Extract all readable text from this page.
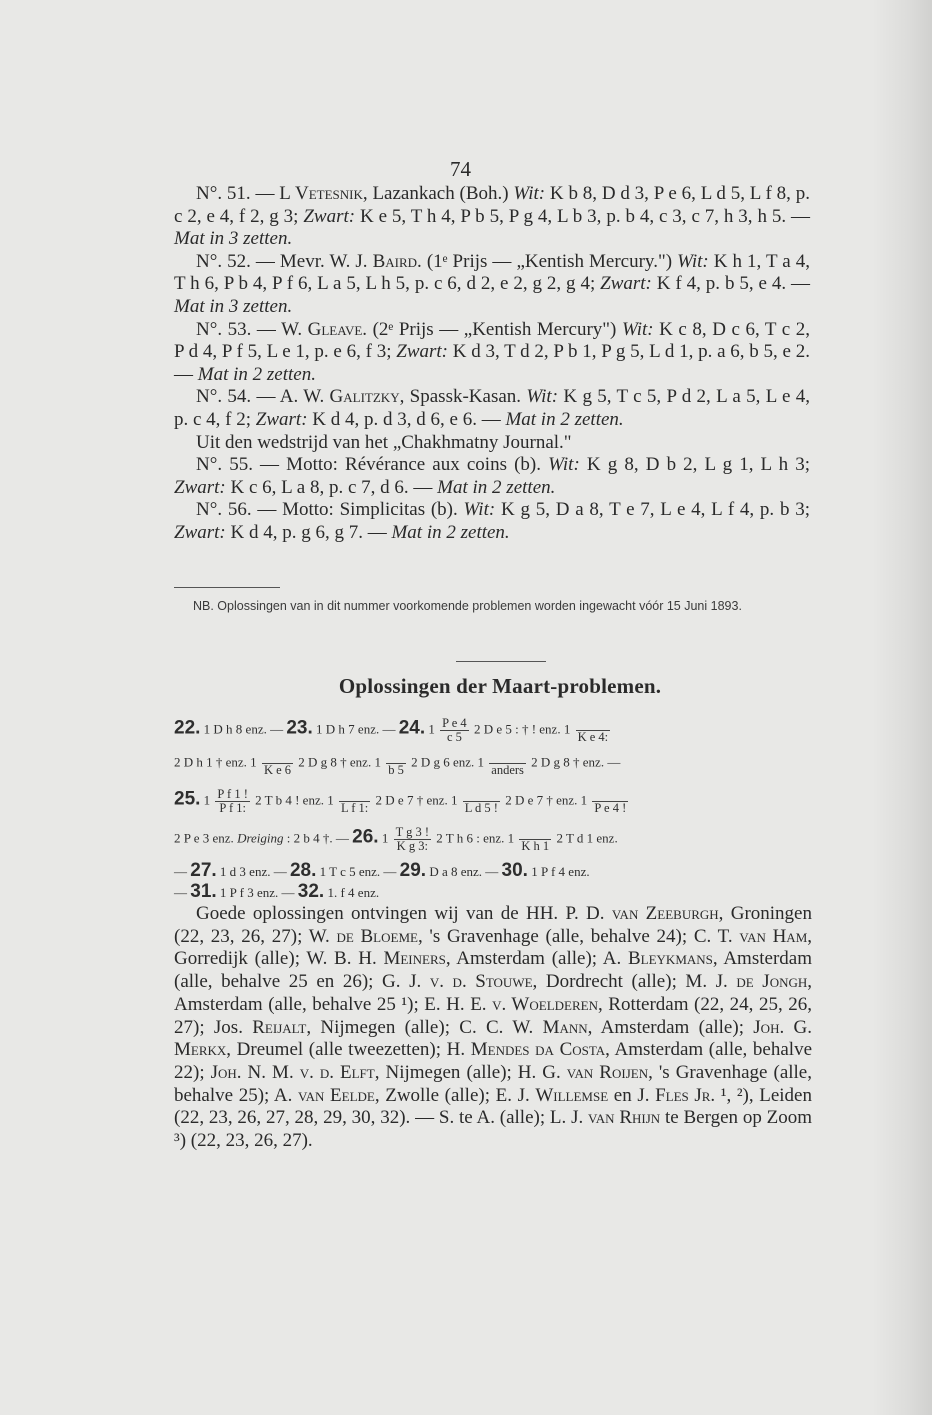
74

N°. 51. — L Vetesnik, Lazankach (Boh.) Wit: K b 8, D d 3, P e 6, L d 5, L f 8, p. c 2, e 4, f 2, g 3; Zwart: K e 5, T h 4, P b 5, P g 4, L b 3, p. b 4, c 3, c 7, h 3, h 5. — Mat in 3 zetten.

N°. 52. — Mevr. W. J. Baird. (1ᵉ Prijs — „Kentish Mercury.") Wit: K h 1, T a 4, T h 6, P b 4, P f 6, L a 5, L h 5, p. c 6, d 2, e 2, g 2, g 4; Zwart: K f 4, p. b 5, e 4. — Mat in 3 zetten.

N°. 53. — W. Gleave. (2ᵉ Prijs — „Kentish Mercury") Wit: K c 8, D c 6, T c 2, P d 4, P f 5, L e 1, p. e 6, f 3; Zwart: K d 3, T d 2, P b 1, P g 5, L d 1, p. a 6, b 5, e 2. — Mat in 2 zetten.

N°. 54. — A. W. Galitzky, Spassk-Kasan. Wit: K g 5, T c 5, P d 2, L a 5, L e 4, p. c 4, f 2; Zwart: K d 4, p. d 3, d 6, e 6. — Mat in 2 zetten.

Uit den wedstrijd van het „Chakhmatny Journal."

N°. 55. — Motto: Révérance aux coins (b). Wit: K g 8, D b 2, L g 1, L h 3; Zwart: K c 6, L a 8, p. c 7, d 6. — Mat in 2 zetten.

N°. 56. — Motto: Simplicitas (b). Wit: K g 5, D a 8, T e 7, L e 4, L f 4, p. b 3; Zwart: K d 4, p. g 6, g 7. — Mat in 2 zetten.

NB. Oplossingen van in dit nummer voorkomende problemen worden ingewacht vóór 15 Juni 1893.
Oplossingen der Maart-problemen.
22. 1 D h 8 enz. — 23. 1 D h 7 enz. — 24. $1 \frac{\text{P e 4}}{c 5} 2$ D e 5 : † ! enz. 1

K e 4:
2 D h 1 † enz. 1

K e 6
2 D g 8 † enz. 1

b 5
2 D g 6 enz. 1

anders
2 D g 8 † enz. —
25. $1 \frac{\text{P f 1 !}}{\text{P f 1:}} 2$ T b 4 ! enz. 1

L f 1:
2 D e 7 † enz. 1

L d 5 !
2 D e 7 † enz. 1

P e 4 !
2 P e 3 enz. Dreiging : 2 b 4 †. — 26. $1 \frac{\text{T g 3 !}}{\text{K g 3:}} 2$ T h 6 : enz. 1

K h 1
2 T d 1 enz.
— 27. 1 d 3 enz. — 28. 1 T c 5 enz. — 29. D a 8 enz. — 30. 1 P f 4 enz.
— 31. 1 P f 3 enz. — 32. 1. f 4 enz.

Goede oplossingen ontvingen wij van de HH. P. D. van Zeeburgh, Groningen (22, 23, 26, 27); W. de Bloeme, 's Gravenhage (alle, behalve 24); C. T. van Ham, Gorredijk (alle); W. B. H. Meiners, Amsterdam (alle); A. Bleykmans, Amsterdam (alle, behalve 25 en 26); G. J. v. d. Stouwe, Dordrecht (alle); M. J. de Jongh, Amsterdam (alle, behalve 25 ¹); E. H. E. v. Woelderen, Rotterdam (22, 24, 25, 26, 27); Jos. Reijalt, Nijmegen (alle); C. C. W. Mann, Amsterdam (alle); Joh. G. Merkx, Dreumel (alle tweezetten); H. Mendes da Costa, Amsterdam (alle, behalve 22); Joh. N. M. v. d. Elft, Nijmegen (alle); H. G. van Roijen, 's Gravenhage (alle, behalve 25); A. van Eelde, Zwolle (alle); E. J. Willemse en J. Fles Jr. ¹, ²), Leiden (22, 23, 26, 27, 28, 29, 30, 32). — S. te A. (alle); L. J. van Rhijn te Bergen op Zoom ³) (22, 23, 26, 27).
